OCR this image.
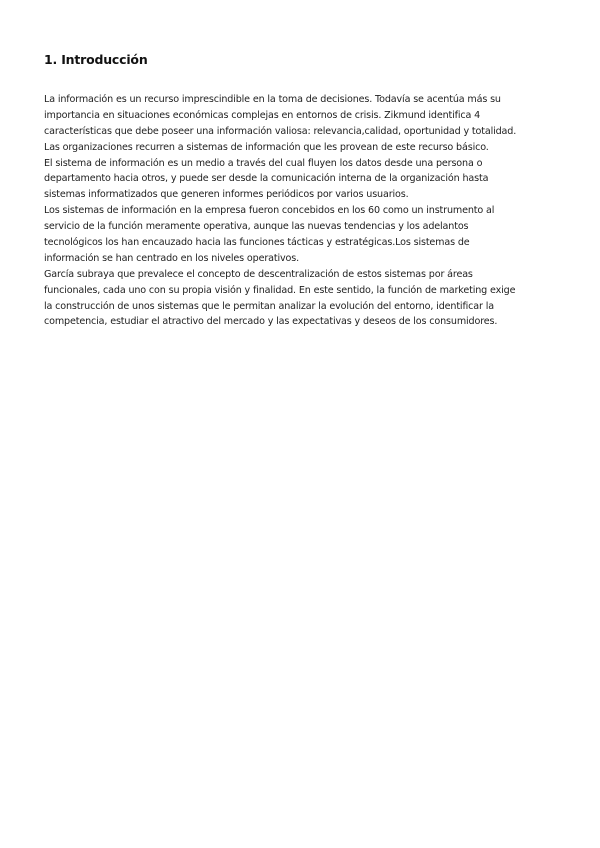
1. Introducción
La información es un recurso imprescindible en la toma de decisiones. Todavía se acentúa más su
importancia en situaciones económicas complejas en entornos de crisis. Zikmund identifica 4
características que debe poseer una información valiosa: relevancia,calidad, oportunidad y totalidad.
Las organizaciones recurren a sistemas de información que les provean de este recurso básico.
El sistema de información es un medio a través del cual fluyen los datos desde una persona o
departamento hacia otros, y puede ser desde la comunicación interna de la organización hasta
sistemas informatizados que generen informes periódicos por varios usuarios.
Los sistemas de información en la empresa fueron concebidos en los 60 como un instrumento al
servicio de la función meramente operativa, aunque las nuevas tendencias y los adelantos
tecnológicos los han encauzado hacia las funciones tácticas y estratégicas.Los sistemas de
información se han centrado en los niveles operativos.
García subraya que prevalece el concepto de descentralización de estos sistemas por áreas
funcionales, cada uno con su propia visión y finalidad. En este sentido, la función de marketing exige
la construcción de unos sistemas que le permitan analizar la evolución del entorno, identificar la
competencia, estudiar el atractivo del mercado y las expectativas y deseos de los consumidores.
